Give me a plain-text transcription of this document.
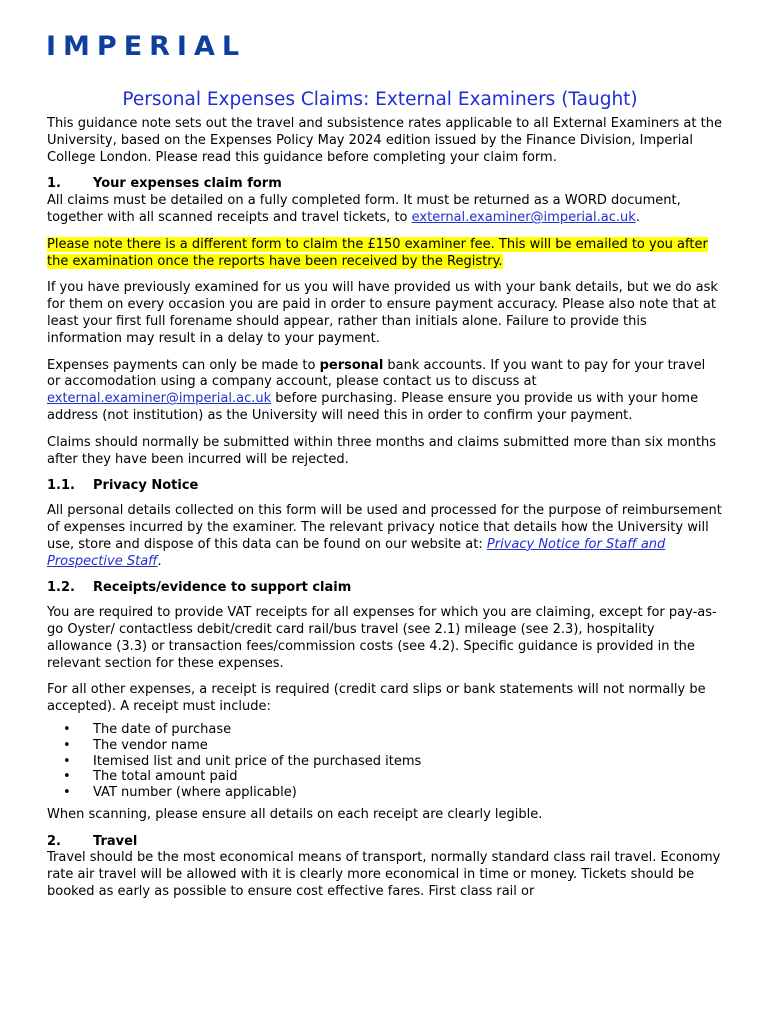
IMPERIAL
Personal Expenses Claims: External Examiners (Taught)

This guidance note sets out the travel and subsistence rates applicable to all External Examiners at the University, based on the Expenses Policy May 2024 edition issued by the Finance Division, Imperial College London. Please read this guidance before completing your claim form.

1. Your expenses claim form

All claims must be detailed on a fully completed form. It must be returned as a WORD document, together with all scanned receipts and travel tickets, to external.examiner@imperial.ac.uk.

Please note there is a different form to claim the £150 examiner fee. This will be emailed to you after the examination once the reports have been received by the Registry.

If you have previously examined for us you will have provided us with your bank details, but we do ask for them on every occasion you are paid in order to ensure payment accuracy. Please also note that at least your first full forename should appear, rather than initials alone. Failure to provide this information may result in a delay to your payment.

Expenses payments can only be made to personal bank accounts. If you want to pay for your travel or accomodation using a company account, please contact us to discuss at external.examiner@imperial.ac.uk before purchasing. Please ensure you provide us with your home address (not institution) as the University will need this in order to confirm your payment.

Claims should normally be submitted within three months and claims submitted more than six months after they have been incurred will be rejected.

1.1. Privacy Notice

All personal details collected on this form will be used and processed for the purpose of reimbursement of expenses incurred by the examiner. The relevant privacy notice that details how the University will use, store and dispose of this data can be found on our website at: Privacy Notice for Staff and Prospective Staff.

1.2. Receipts/evidence to support claim

You are required to provide VAT receipts for all expenses for which you are claiming, except for pay-as-go Oyster/ contactless debit/credit card rail/bus travel (see 2.1) mileage (see 2.3), hospitality allowance (3.3) or transaction fees/commission costs (see 4.2). Specific guidance is provided in the relevant section for these expenses.

For all other expenses, a receipt is required (credit card slips or bank statements will not normally be accepted). A receipt must include:

• The date of purchase
• The vendor name
• Itemised list and unit price of the purchased items
• The total amount paid
• VAT number (where applicable)

When scanning, please ensure all details on each receipt are clearly legible.

2. Travel

Travel should be the most economical means of transport, normally standard class rail travel. Economy rate air travel will be allowed with it is clearly more economical in time or money. Tickets should be booked as early as possible to ensure cost effective fares. First class rail or
